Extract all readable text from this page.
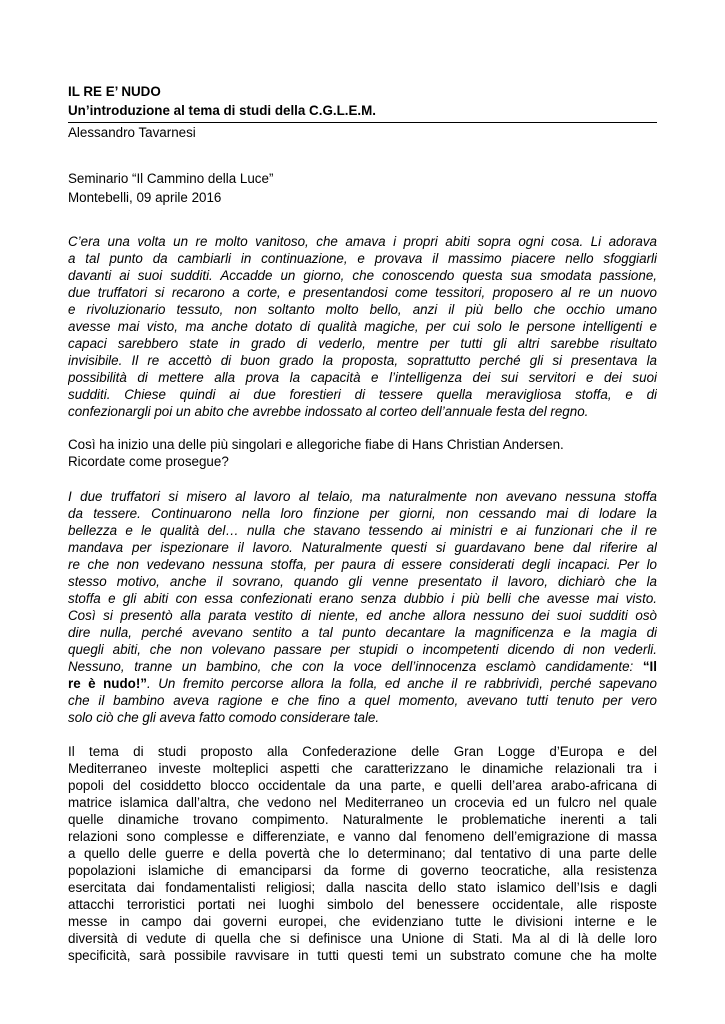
IL RE E’ NUDO
Un’introduzione al tema di studi della C.G.L.E.M.
Alessandro Tavarnesi
Seminario “Il Cammino della Luce”
Montebelli, 09 aprile 2016
C’era una volta un re molto vanitoso, che amava i propri abiti sopra ogni cosa. Li adorava
a tal punto da cambiarli in continuazione, e provava il massimo piacere nello sfoggiarli
davanti ai suoi sudditi. Accadde un giorno, che conoscendo questa sua smodata passione,
due truffatori si recarono a corte, e presentandosi come tessitori, proposero al re un nuovo
e rivoluzionario tessuto, non soltanto molto bello, anzi il più bello che occhio umano
avesse mai visto, ma anche dotato di qualità magiche, per cui solo le persone intelligenti e
capaci sarebbero state in grado di vederlo, mentre per tutti gli altri sarebbe risultato
invisibile. Il re accettò di buon grado la proposta, soprattutto perché gli si presentava la
possibilità di mettere alla prova la capacità e l’intelligenza dei sui servitori e dei suoi
sudditi. Chiese quindi ai due forestieri di tessere quella meravigliosa stoffa, e di
confezionargli poi un abito che avrebbe indossato al corteo dell’annuale festa del regno.
Così ha inizio una delle più singolari e allegoriche fiabe di Hans Christian Andersen.
Ricordate come prosegue?
I due truffatori si misero al lavoro al telaio, ma naturalmente non avevano nessuna stoffa
da tessere. Continuarono nella loro finzione per giorni, non cessando mai di lodare la
bellezza e le qualità del… nulla che stavano tessendo ai ministri e ai funzionari che il re
mandava per ispezionare il lavoro. Naturalmente questi si guardavano bene dal riferire al
re che non vedevano nessuna stoffa, per paura di essere considerati degli incapaci. Per lo
stesso motivo, anche il sovrano, quando gli venne presentato il lavoro, dichiarò che la
stoffa e gli abiti con essa confezionati erano senza dubbio i più belli che avesse mai visto.
Così si presentò alla parata vestito di niente, ed anche allora nessuno dei suoi sudditi osò
dire nulla, perché avevano sentito a tal punto decantare la magnificenza e la magia di
quegli abiti, che non volevano passare per stupidi o incompetenti dicendo di non vederli.
Nessuno, tranne un bambino, che con la voce dell’innocenza esclamò candidamente: “Il
re è nudo!”. Un fremito percorse allora la folla, ed anche il re rabbrividì, perché sapevano
che il bambino aveva ragione e che fino a quel momento, avevano tutti tenuto per vero
solo ciò che gli aveva fatto comodo considerare tale.
Il tema di studi proposto alla Confederazione delle Gran Logge d’Europa e del
Mediterraneo investe molteplici aspetti che caratterizzano le dinamiche relazionali tra i
popoli del cosiddetto blocco occidentale da una parte, e quelli dell’area arabo-africana di
matrice islamica dall’altra, che vedono nel Mediterraneo un crocevia ed un fulcro nel quale
quelle dinamiche trovano compimento. Naturalmente le problematiche inerenti a tali
relazioni sono complesse e differenziate, e vanno dal fenomeno dell’emigrazione di massa
a quello delle guerre e della povertà che lo determinano; dal tentativo di una parte delle
popolazioni islamiche di emanciparsi da forme di governo teocratiche, alla resistenza
esercitata dai fondamentalisti religiosi; dalla nascita dello stato islamico dell’Isis e dagli
attacchi terroristici portati nei luoghi simbolo del benessere occidentale, alle risposte
messe in campo dai governi europei, che evidenziano tutte le divisioni interne e le
diversità di vedute di quella che si definisce una Unione di Stati. Ma al di là delle loro
specificità, sarà possibile ravvisare in tutti questi temi un substrato comune che ha molte
